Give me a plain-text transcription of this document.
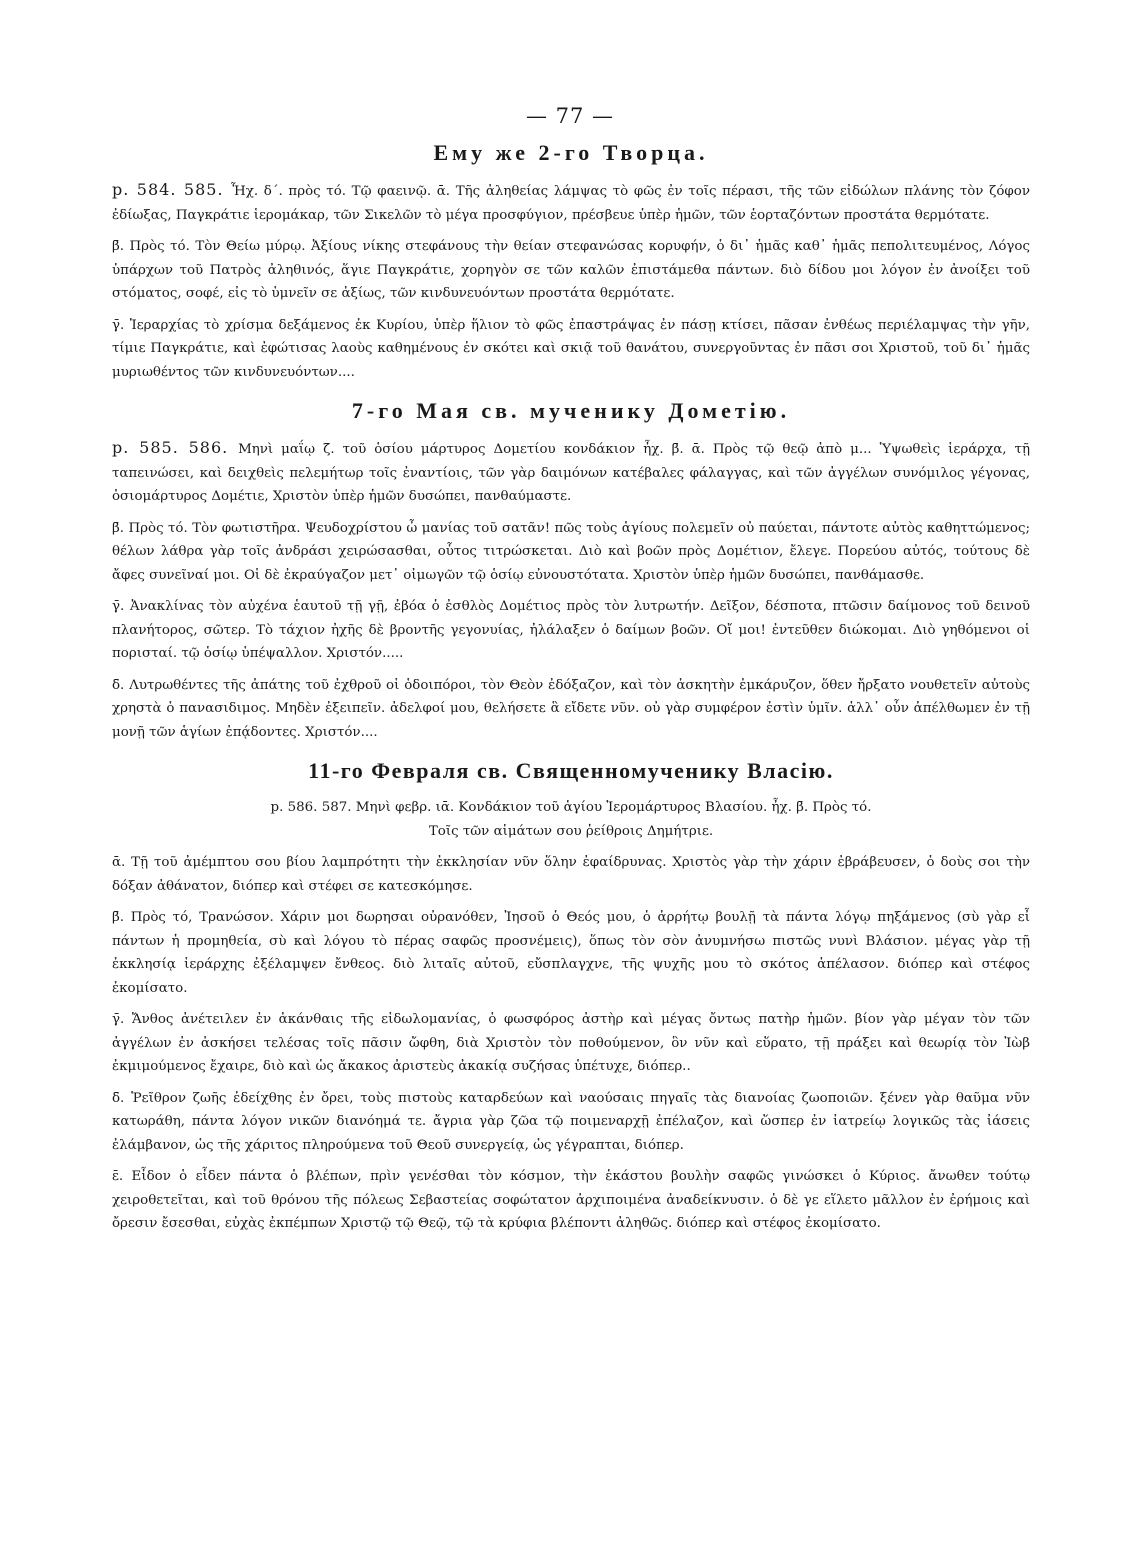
— 77 —
Ему же 2-го Творца.

р. 584. 585. Ἦχ. δ΄. πρὸς τό. Τῷ φαεινῷ. ᾱ. Τῆς ἀληθείας λάμψας τὸ φῶς ἐν τοῖς πέρασι, τῆς τῶν εἰδώλων πλάνης τὸν ζόφον ἐδίωξας, Παγκράτιε ἱερομάκαρ, τῶν Σικελῶν τὸ μέγα προσφύγιον, πρέσβευε ὑπὲρ ἡμῶν, τῶν ἑορταζόντων προστάτα θερμότατε.

β̄. Πρὸς τό. Τὸν Θείω μύρῳ. Ἀξίους νίκης στεφάνους τὴν θείαν στεφανώσας κορυφήν, ὁ δι᾽ ἡμᾶς καθ᾽ ἡμᾶς πεπολιτευμένος, Λόγος ὑπάρχων τοῦ Πατρὸς ἀληθινός, ἅγιε Παγκράτιε, χορηγὸν σε τῶν καλῶν ἐπιστάμεθα πάντων. διὸ δίδου μοι λόγον ἐν ἀνοίξει τοῦ στόματος, σοφέ, εἰς τὸ ὑμνεῖν σε ἀξίως, τῶν κινδυνευόντων προστάτα θερμότατε.

γ̄. Ἱεραρχίας τὸ χρίσμα δεξάμενος ἐκ Κυρίου, ὑπὲρ ἥλιον τὸ φῶς ἐπαστράψας ἐν πάσῃ κτίσει, πᾶσαν ἐνθέως περιέλαμψας τὴν γῆν, τίμιε Παγκράτιε, καὶ ἐφώτισας λαοὺς καθημένους ἐν σκότει καὶ σκιᾷ τοῦ θανάτου, συνεργοῦντας ἐν πᾶσι σοι Χριστοῦ, τοῦ δι᾽ ἡμᾶς μυριωθέντος τῶν κινδυνευόντων....

7-го Мая св. мученику Дометію.

р. 585. 586. Μηνὶ μαΐῳ ζ̄. τοῦ ὁσίου μάρτυρος Δομετίου κονδάκιον ἦχ. β̄. ᾱ. Πρὸς τῷ θεῷ ἀπὸ μ... Ὑψωθεὶς ἱεράρχα, τῇ ταπεινώσει, καὶ δειχθεὶς πελεμήτωρ τοῖς ἐναντίοις, τῶν γὰρ δαιμόνων κατέβαλες φάλαγγας, καὶ τῶν ἀγγέλων συνόμιλος γέγονας, ὁσιομάρτυρος Δομέτιε, Χριστὸν ὑπὲρ ἡμῶν δυσώπει, πανθαύμαστε.

β̄. Πρὸς τό. Τὸν φωτιστῆρα. Ψευδοχρίστου ὦ μανίας τοῦ σατᾶν! πῶς τοὺς ἁγίους πολεμεῖν οὐ παύεται, πάντοτε αὐτὸς καθηττώμενος; θέλων λάθρα γὰρ τοῖς ἀνδράσι χειρώσασθαι, οὗτος τιτρώσκεται. Διὸ καὶ βοῶν πρὸς Δομέτιον, ἔλεγε. Πορεύου αὐτός, τούτους δὲ ἄφες συνεῖναί μοι. Οἱ δὲ ἐκραύγαζον μετ᾽ οἰμωγῶν τῷ ὁσίῳ εὐνουστότατα. Χριστὸν ὑπὲρ ἡμῶν δυσώπει, πανθάμασθε.

γ̄. Ἀνακλίνας τὸν αὐχένα ἑαυτοῦ τῇ γῇ, ἐβόα ὁ ἐσθλὸς Δομέτιος πρὸς τὸν λυτρωτήν. Δεῖξον, δέσποτα, πτῶσιν δαίμονος τοῦ δεινοῦ πλανήτορος, σῶτερ. Τὸ τάχιον ἠχῆς δὲ βροντῆς γεγονυίας, ἠλάλαξεν ὁ δαίμων βοῶν. Οἴ μοι! ἐντεῦθεν διώκομαι. Διὸ γηθόμενοι οἱ πορισταί. τῷ ὁσίῳ ὑπέψαλλον. Χριστόν.....

δ̄. Λυτρωθέντες τῆς ἀπάτης τοῦ ἐχθροῦ οἱ ὁδοιπόροι, τὸν Θεὸν ἐδόξαζον, καὶ τὸν ἀσκητὴν ἐμκάρυζον, ὅθεν ἤρξατο νουθετεῖν αὐτοὺς χρηστὰ ὁ πανασιδιμος. Μηδὲν ἐξειπεῖν. ἀδελφοί μου, θελήσετε ἃ εἴδετε νῦν. οὐ γὰρ συμφέρον ἐστὶν ὑμῖν. ἀλλ᾽ οὖν ἀπέλθωμεν ἐν τῇ μονῇ τῶν ἁγίων ἐπᾴδοντες. Χριστόν....

11-го Февраля св. Священномученику Власію.

р. 586. 587. Μηνὶ φεβρ. ιᾱ. Κονδάκιον τοῦ ἁγίου Ἱερομάρτυρος Βλασίου. ἦχ. β̄. Πρὸς τό.

Τοῖς τῶν αἱμάτων σου ῥείθροις Δημήτριε.

ᾱ. Τῇ τοῦ ἀμέμπτου σου βίου λαμπρότητι τὴν ἐκκλησίαν νῦν ὅλην ἐφαίδρυνας. Χριστὸς γὰρ τὴν χάριν ἐβράβευσεν, ὁ δοὺς σοι τὴν δόξαν ἀθάνατον, διόπερ καὶ στέφει σε κατεσκόμησε.

β̄. Πρὸς τό, Τρανώσον. Χάριν μοι δωρησαι οὐρανόθεν, Ἰησοῦ ὁ Θεός μου, ὁ ἀρρήτῳ βουλῇ τὰ πάντα λόγῳ πηξάμενος (σὺ γὰρ εἶ πάντων ἡ προμηθεία, σὺ καὶ λόγου τὸ πέρας σαφῶς προσνέμεις), ὅπως τὸν σὸν ἀνυμνήσω πιστῶς νυνὶ Βλάσιον. μέγας γὰρ τῇ ἐκκλησίᾳ ἱεράρχης ἐξέλαμψεν ἔνθεος. διὸ λιταῖς αὐτοῦ, εὔσπλαγχνε, τῆς ψυχῆς μου τὸ σκότος ἀπέλασον. διόπερ καὶ στέφος ἐκομίσατο.

γ̄. Ἄνθος ἀνέτειλεν ἐν ἀκάνθαις τῆς εἰδωλομανίας, ὁ φωσφόρος ἀστὴρ καὶ μέγας ὄντως πατὴρ ἡμῶν. βίον γὰρ μέγαν τὸν τῶν ἀγγέλων ἐν ἀσκήσει τελέσας τοῖς πᾶσιν ὤφθη, διὰ Χριστὸν τὸν ποθούμενον, ὃν νῦν καὶ εὕρατο, τῇ πράξει καὶ θεωρίᾳ τὸν Ἰὼβ ἐκμιμούμενος ἔχαιρε, διὸ καὶ ὡς ἄκακος ἀριστεὺς ἀκακίᾳ συζήσας ὑπέτυχε, διόπερ..

δ̄. Ῥεῖθρον ζωῆς ἐδείχθης ἐν ὄρει, τοὺς πιστοὺς καταρδεύων καὶ ναούσαις πηγαῖς τὰς διανοίας ζωοποιῶν. ξένεν γὰρ θαῦμα νῦν κατωράθη, πάντα λόγον νικῶν διανόημά τε. ἄγρια γὰρ ζῶα τῷ ποιμεναρχῇ ἐπέλαζον, καὶ ὥσπερ ἐν ἰατρείῳ λογικῶς τὰς ἰάσεις ἐλάμβανον, ὡς τῆς χάριτος πληρούμενα τοῦ Θεοῦ συνεργείᾳ, ὡς γέγραπται, διόπερ.

ε̄. Εἶδον ὁ εἶδεν πάντα ὁ βλέπων, πρὶν γενέσθαι τὸν κόσμον, τὴν ἑκάστου βουλὴν σαφῶς γινώσκει ὁ Κύριος. ἄνωθεν τούτῳ χειροθετεῖται, καὶ τοῦ θρόνου τῆς πόλεως Σεβαστείας σοφώτατον ἀρχιποιμένα ἀναδείκνυσιν. ὁ δὲ γε εἵλετο μᾶλλον ἐν ἐρήμοις καὶ ὄρεσιν ἔσεσθαι, εὐχὰς ἐκπέμπων Χριστῷ τῷ Θεῷ, τῷ τὰ κρύφια βλέποντι ἀληθῶς. διόπερ καὶ στέφος ἐκομίσατο.
